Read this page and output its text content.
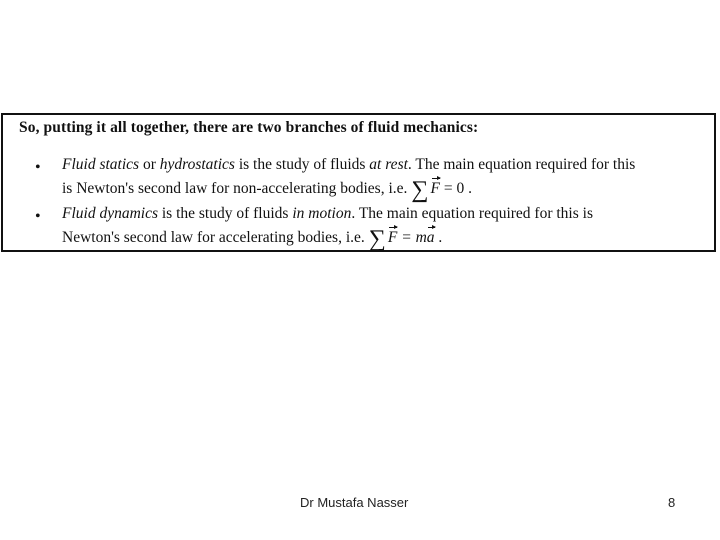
So, putting it all together, there are two branches of fluid mechanics:
• Fluid statics or hydrostatics is the study of fluids at rest. The main equation required for this
is Newton's second law for non-accelerating bodies, i.e. ∑ F = 0 .
• Fluid dynamics is the study of fluids in motion. The main equation required for this is
Newton's second law for accelerating bodies, i.e. ∑ F = ma .
Dr Mustafa Nasser	8
